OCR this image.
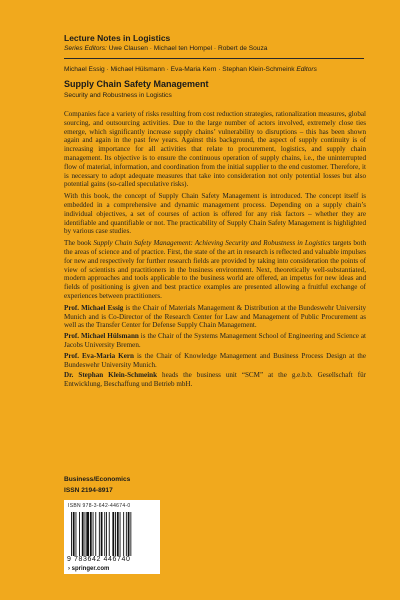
Lecture Notes in Logistics
Series Editors: Uwe Clausen · Michael ten Hompel · Robert de Souza
Michael Essig · Michael Hülsmann · Eva-Maria Kern · Stephan Klein-Schmeink Editors
Supply Chain Safety Management
Security and Robustness in Logistics

Companies face a variety of risks resulting from cost reduction strategies, rationalization measures, global sourcing, and outsourcing activities. Due to the large number of actors involved, extremely close ties emerge, which significantly increase supply chains’ vulnerability to disruptions – this has been shown again and again in the past few years. Against this background, the aspect of supply continuity is of increasing importance for all activities that relate to procurement, logistics, and supply chain management. Its objective is to ensure the continuous operation of supply chains, i.e., the uninterrupted flow of material, information, and coordination from the initial supplier to the end customer. Therefore, it is necessary to adopt adequate measures that take into consideration not only potential losses but also potential gains (so-called speculative risks).

With this book, the concept of Supply Chain Safety Management is introduced. The concept itself is embedded in a comprehensive and dynamic management process. Depending on a supply chain’s individual objectives, a set of courses of action is offered for any risk factors – whether they are identifiable and quantifiable or not. The practicability of Supply Chain Safety Management is highlighted by various case studies.

The book Supply Chain Safety Management: Achieving Security and Robustness in Logistics targets both the areas of science and of practice. First, the state of the art in research is reflected and valuable impulses for new and respectively for further research fields are provided by taking into consideration the points of view of scientists and practitioners in the business environment. Next, theoretically well-substantiated, modern approaches and tools applicable to the business world are offered, an impetus for new ideas and fields of positioning is given and best practice examples are presented allowing a fruitful exchange of experiences between practitioners.

Prof. Michael Essig is the Chair of Materials Management & Distribution at the Bundeswehr University Munich and is Co-Director of the Research Center for Law and Management of Public Procurement as well as the Transfer Center for Defense Supply Chain Management.

Prof. Michael Hülsmann is the Chair of the Systems Management School of Engineering and Science at Jacobs University Bremen.

Prof. Eva-Maria Kern is the Chair of Knowledge Management and Business Process Design at the Bundeswehr University Munich.

Dr. Stephan Klein-Schmeink heads the business unit “SCM” at the g.e.b.b. Gesellschaft für Entwicklung, Beschaffung und Betrieb mbH.

Business/Economics
ISSN 2194-8917
ISBN 978-3-642-44674-0
9 783642 446740
› springer.com
